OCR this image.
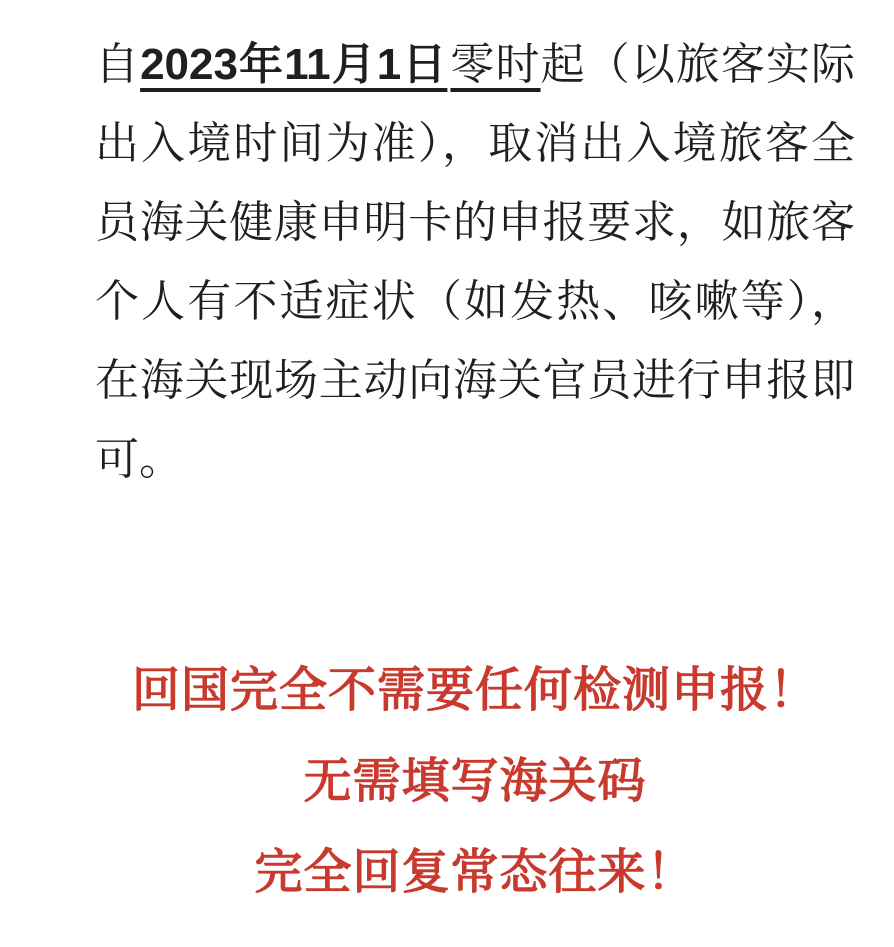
自2023年11月1日零时起（以旅客实际
出入境时间为准），取消出入境旅客全
员海关健康申明卡的申报要求，如旅客
个人有不适症状（如发热、咳嗽等），
在海关现场主动向海关官员进行申报即
可。

回国完全不需要任何检测申报！
无需填写海关码
完全回复常态往来！
